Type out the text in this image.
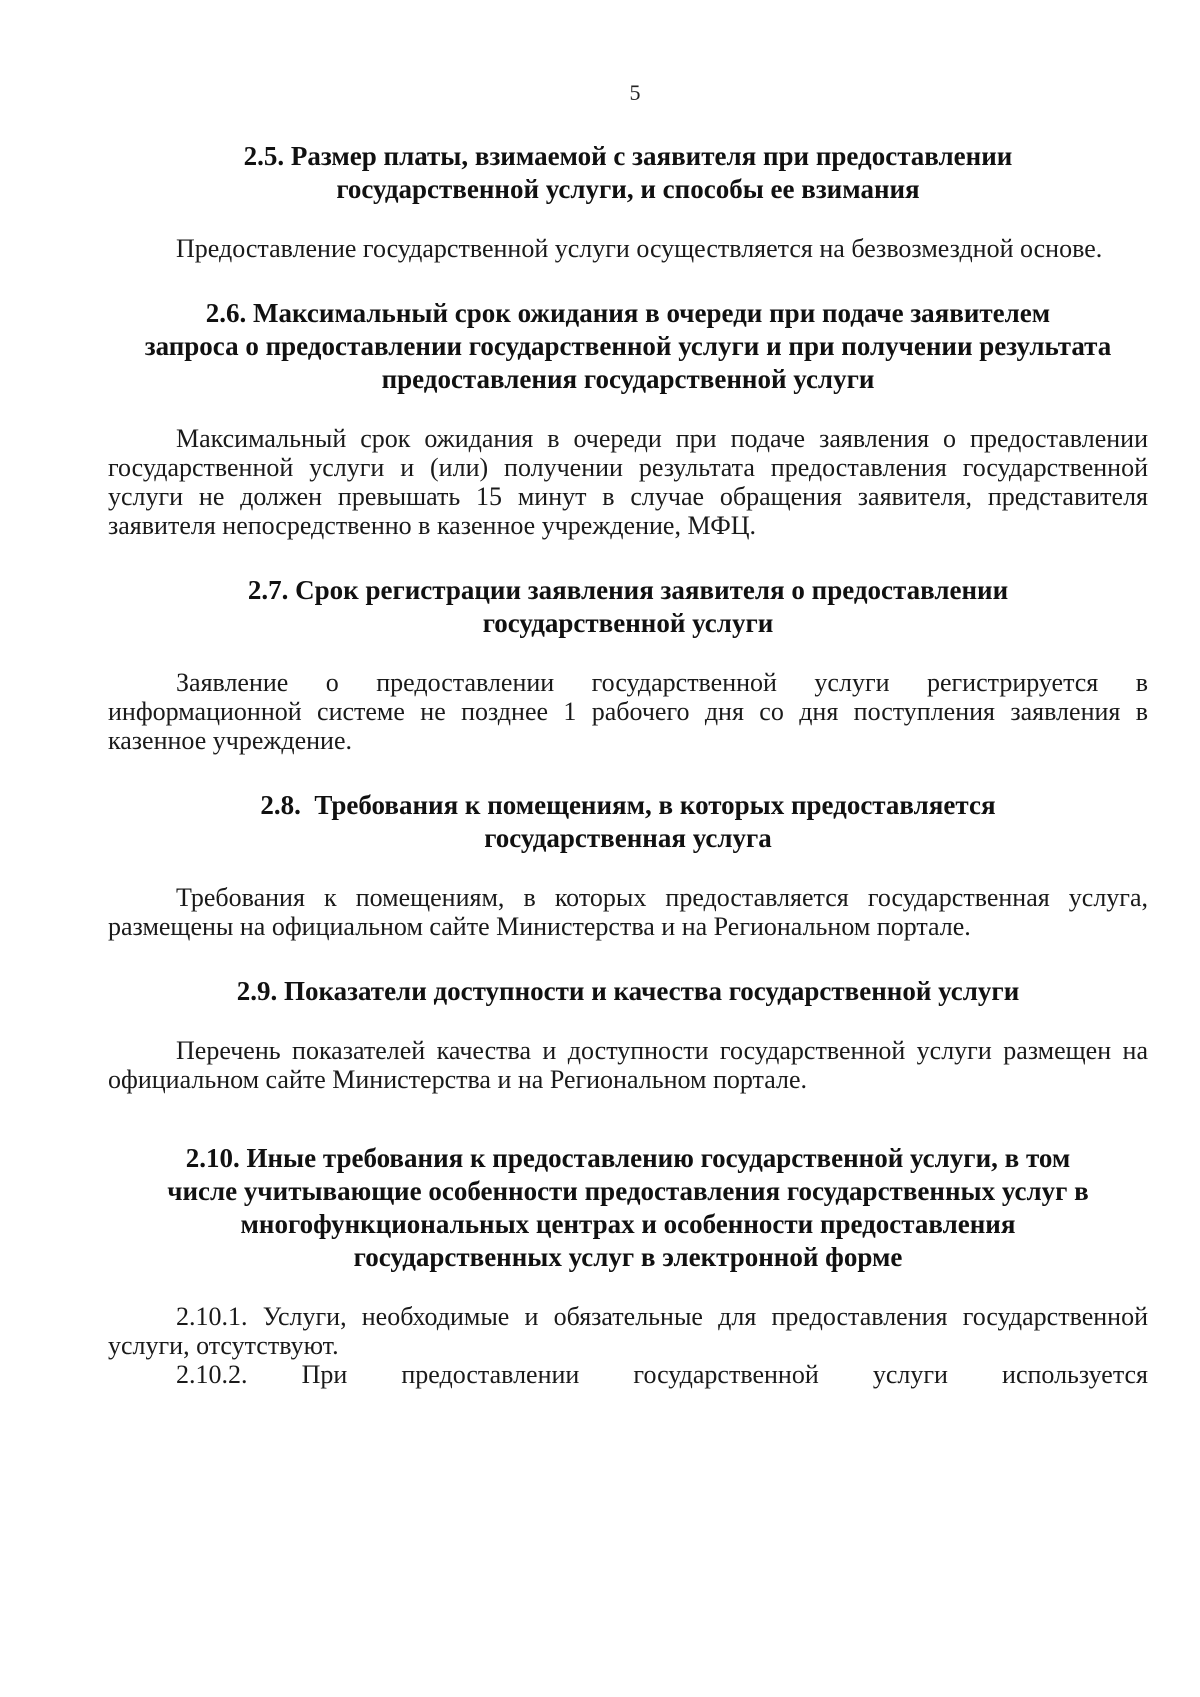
5
2.5. Размер платы, взимаемой с заявителя при предоставлении
государственной услуги, и способы ее взимания

Предоставление государственной услуги осуществляется на безвозмездной основе.

2.6. Максимальный срок ожидания в очереди при подаче заявителем
запроса о предоставлении государственной услуги и при получении результата
предоставления государственной услуги

Максимальный срок ожидания в очереди при подаче заявления о предоставлении государственной услуги и (или) получении результата предоставления государственной услуги не должен превышать 15 минут в случае обращения заявителя, представителя заявителя непосредственно в казенное учреждение, МФЦ.

2.7. Срок регистрации заявления заявителя о предоставлении
государственной услуги

Заявление о предоставлении государственной услуги регистрируется в информационной системе не позднее 1 рабочего дня со дня поступления заявления в казенное учреждение.

2.8.  Требования к помещениям, в которых предоставляется
государственная услуга

Требования к помещениям, в которых предоставляется государственная услуга, размещены на официальном сайте Министерства и на Региональном портале.

2.9. Показатели доступности и качества государственной услуги

Перечень показателей качества и доступности государственной услуги размещен на официальном сайте Министерства и на Региональном портале.

2.10. Иные требования к предоставлению государственной услуги, в том
числе учитывающие особенности предоставления государственных услуг в
многофункциональных центрах и особенности предоставления
государственных услуг в электронной форме

2.10.1. Услуги, необходимые и обязательные для предоставления государственной услуги, отсутствуют.

2.10.2. При предоставлении государственной услуги используется
